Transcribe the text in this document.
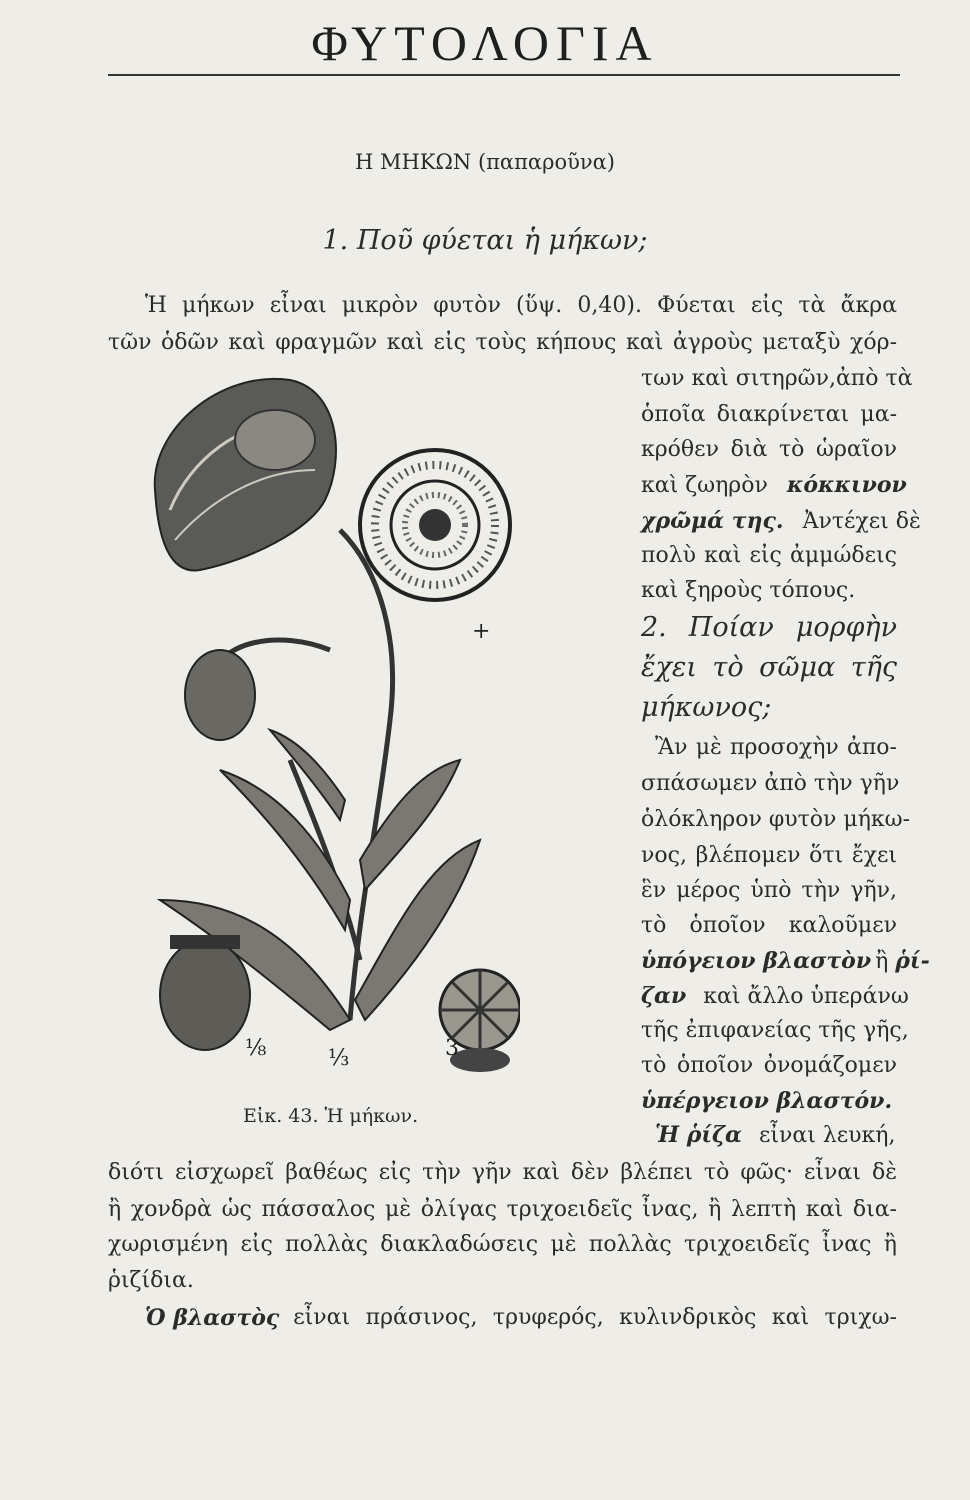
ΦΥΤΟΛΟΓΙΑ
Η ΜΗΚΩΝ (παπαροῦνα)
1. Ποῦ φύεται ἡ μήκων;
Ἡ μήκων εἶναι μικρὸν φυτὸν (ὕψ. 0,40). Φύεται εἰς τὰ ἄκρα
τῶν ὁδῶν καὶ φραγμῶν καὶ εἰς τοὺς κήπους καὶ ἀγροὺς μεταξὺ χόρ-
των καὶ σιτηρῶν,ἀπὸ τὰ
ὁποῖα διακρίνεται μα-
κρόθεν διὰ τὸ ὡραῖον
καὶ ζωηρὸν κόκκινον
χρῶμά της. Ἀντέχει δὲ
πολὺ καὶ εἰς ἀμμώδεις
καὶ ξηροὺς τόπους.
2. Ποίαν μορφὴν
ἔχει τὸ σῶμα τῆς
μήκωνος;
Ἂν μὲ προσοχὴν ἀπο-
σπάσωμεν ἀπὸ τὴν γῆν
ὁλόκληρον φυτὸν μήκω-
νος, βλέπομεν ὅτι ἔχει
ἓν μέρος ὑπὸ τὴν γῆν,
τὸ ὁποῖον καλοῦμεν
ὑπόγειον βλαστὸν ἢ ῥί-
ζαν καὶ ἄλλο ὑπεράνω
τῆς ἐπιφανείας τῆς γῆς,
τὸ ὁποῖον ὀνομάζομεν
ὑπέργειον βλαστόν.
Ἡ ῥίζα εἶναι λευκή,
+
⅛	⅓	3
Εἰκ. 43. Ἡ μήκων.
διότι εἰσχωρεῖ βαθέως εἰς τὴν γῆν καὶ δὲν βλέπει τὸ φῶς· εἶναι δὲ
ἢ χονδρὰ ὡς πάσσαλος μὲ ὀλίγας τριχοειδεῖς ἶνας, ἢ λεπτὴ καὶ δια-
χωρισμένη εἰς πολλὰς διακλαδώσεις μὲ πολλὰς τριχοειδεῖς ἶνας ἢ
ῥιζίδια.
Ὁ βλαστὸς εἶναι πράσινος, τρυφερός, κυλινδρικὸς καὶ τριχω-
